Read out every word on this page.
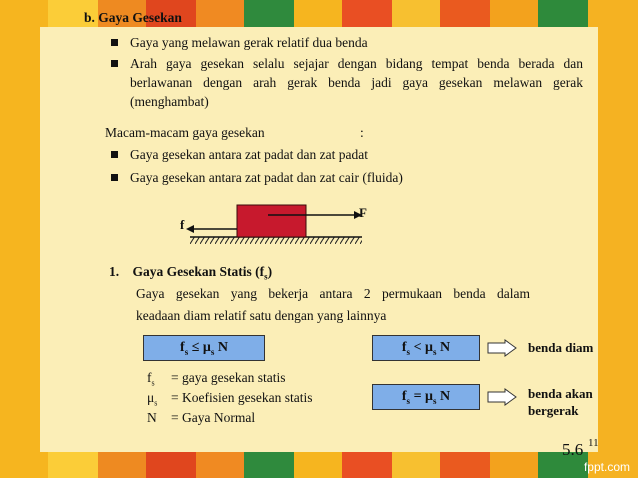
b. Gaya Gesekan
Gaya yang melawan gerak relatif dua benda
Arah gaya gesekan selalu sejajar dengan bidang tempat benda berada dan
berlawanan dengan arah gerak benda jadi gaya gesekan melawan gerak
(menghambat)
Macam-macam gaya gesekan	:
Gaya gesekan antara zat padat dan zat padat
Gaya gesekan antara zat padat dan zat cair (fluida)
F
f
1. Gaya Gesekan Statis $(f_s)$
Gaya gesekan yang bekerja antara 2 permukaan benda dalam
keadaan diam relatif satu dengan yang lainnya
$f_s \le \mu_s$ N	$f_s < \mu_s$ N	benda diam
$f_s = \mu_s$ N	benda akan
bergerak
$f_s$ = gaya gesekan statis
$\mu_s$ = Koefisien gesekan statis
N = Gaya Normal
5.6 11
fppt.com
